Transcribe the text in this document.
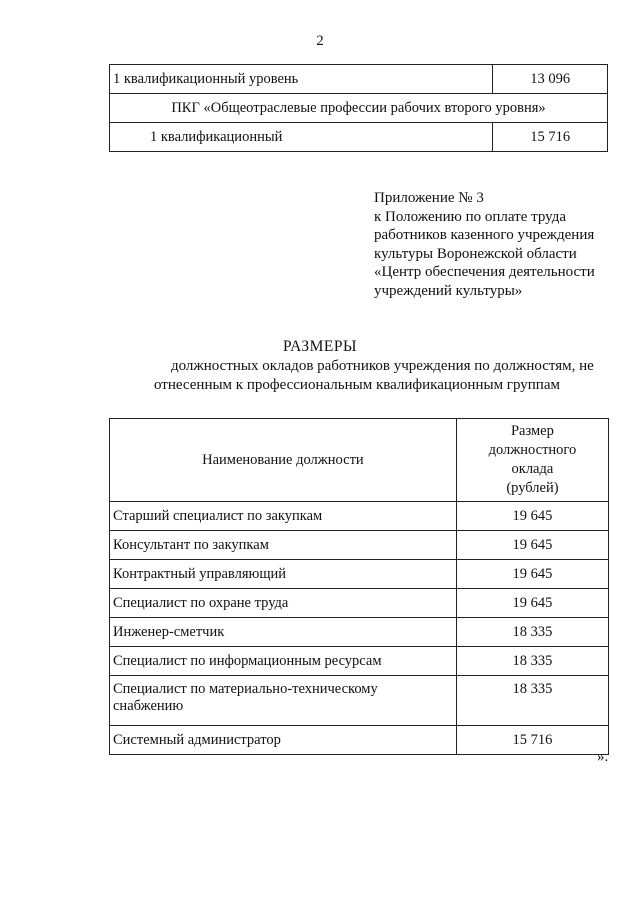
2
1 квалификационный уровень	13 096
ПКГ «Общеотраслевые профессии рабочих второго уровня»	
1 квалификационный	15 716
Приложение № 3
к Положению по оплате труда
работников казенного учреждения
культуры Воронежской области
«Центр обеспечения деятельности
учреждений культуры»
РАЗМЕРЫ
должностных окладов работников учреждения по должностям, не
отнесенным к профессиональным квалификационным группам
Наименование должности	Размер
должностного
оклада
(рублей)

Старший специалист по закупкам	19 645
Консультант по закупкам	19 645
Контрактный управляющий	19 645
Специалист по охране труда	19 645
Инженер-сметчик	18 335
Специалист по информационным ресурсам	18 335

Специалист по материально-техническому
снабжению	18 335
Системный администратор	15 716
».
